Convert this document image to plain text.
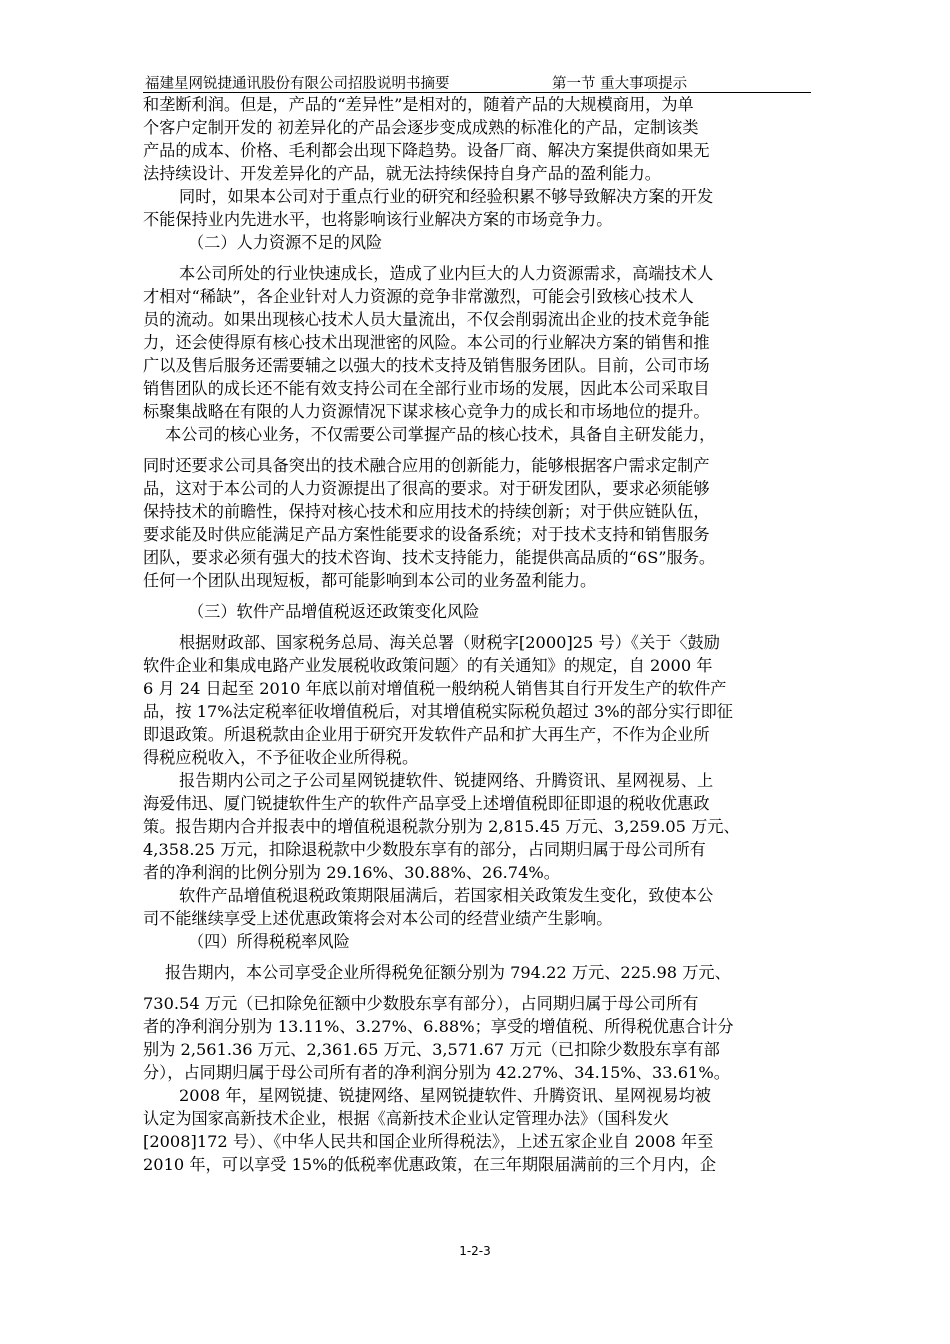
福建星网锐捷通讯股份有限公司招股说明书摘要	第一节 重大事项提示
和垄断利润。但是，产品的“差异性”是相对的，随着产品的大规模商用，为单
个客户定制开发的 初差异化的产品会逐步变成成熟的标准化的产品，定制该类
产品的成本、价格、毛利都会出现下降趋势。设备厂商、解决方案提供商如果无
法持续设计、开发差异化的产品，就无法持续保持自身产品的盈利能力。
同时，如果本公司对于重点行业的研究和经验积累不够导致解决方案的开发
不能保持业内先进水平，也将影响该行业解决方案的市场竞争力。
（二）人力资源不足的风险
本公司所处的行业快速成长，造成了业内巨大的人力资源需求，高端技术人
才相对“稀缺”，各企业针对人力资源的竞争非常激烈，可能会引致核心技术人
员的流动。如果出现核心技术人员大量流出，不仅会削弱流出企业的技术竞争能
力，还会使得原有核心技术出现泄密的风险。本公司的行业解决方案的销售和推
广以及售后服务还需要辅之以强大的技术支持及销售服务团队。目前，公司市场
销售团队的成长还不能有效支持公司在全部行业市场的发展，因此本公司采取目
标聚集战略在有限的人力资源情况下谋求核心竞争力的成长和市场地位的提升。
本公司的核心业务，不仅需要公司掌握产品的核心技术，具备自主研发能力，
同时还要求公司具备突出的技术融合应用的创新能力，能够根据客户需求定制产
品，这对于本公司的人力资源提出了很高的要求。对于研发团队，要求必须能够
保持技术的前瞻性，保持对核心技术和应用技术的持续创新；对于供应链队伍，
要求能及时供应能满足产品方案性能要求的设备系统；对于技术支持和销售服务
团队，要求必须有强大的技术咨询、技术支持能力，能提供高品质的“6S”服务。
任何一个团队出现短板，都可能影响到本公司的业务盈利能力。
（三）软件产品增值税返还政策变化风险
根据财政部、国家税务总局、海关总署（财税字[2000]25 号）《关于〈鼓励
软件企业和集成电路产业发展税收政策问题〉的有关通知》的规定，自 2000 年
6 月 24 日起至 2010 年底以前对增值税一般纳税人销售其自行开发生产的软件产
品，按 17%法定税率征收增值税后，对其增值税实际税负超过 3%的部分实行即征
即退政策。所退税款由企业用于研究开发软件产品和扩大再生产，不作为企业所
得税应税收入，不予征收企业所得税。
报告期内公司之子公司星网锐捷软件、锐捷网络、升腾资讯、星网视易、上
海爱伟迅、厦门锐捷软件生产的软件产品享受上述增值税即征即退的税收优惠政
策。报告期内合并报表中的增值税退税款分别为 2,815.45 万元、3,259.05 万元、
4,358.25 万元，扣除退税款中少数股东享有的部分，占同期归属于母公司所有
者的净利润的比例分别为 29.16%、30.88%、26.74%。
软件产品增值税退税政策期限届满后，若国家相关政策发生变化，致使本公
司不能继续享受上述优惠政策将会对本公司的经营业绩产生影响。
（四）所得税税率风险
报告期内，本公司享受企业所得税免征额分别为 794.22 万元、225.98 万元、
730.54 万元（已扣除免征额中少数股东享有部分），占同期归属于母公司所有
者的净利润分别为 13.11%、3.27%、6.88%；享受的增值税、所得税优惠合计分
别为 2,561.36 万元、2,361.65 万元、3,571.67 万元（已扣除少数股东享有部
分），占同期归属于母公司所有者的净利润分别为 42.27%、34.15%、33.61%。
2008 年，星网锐捷、锐捷网络、星网锐捷软件、升腾资讯、星网视易均被
认定为国家高新技术企业，根据《高新技术企业认定管理办法》（国科发火
[2008]172 号）、《中华人民共和国企业所得税法》，上述五家企业自 2008 年至
2010 年，可以享受 15%的低税率优惠政策，在三年期限届满前的三个月内，企
1-2-3
